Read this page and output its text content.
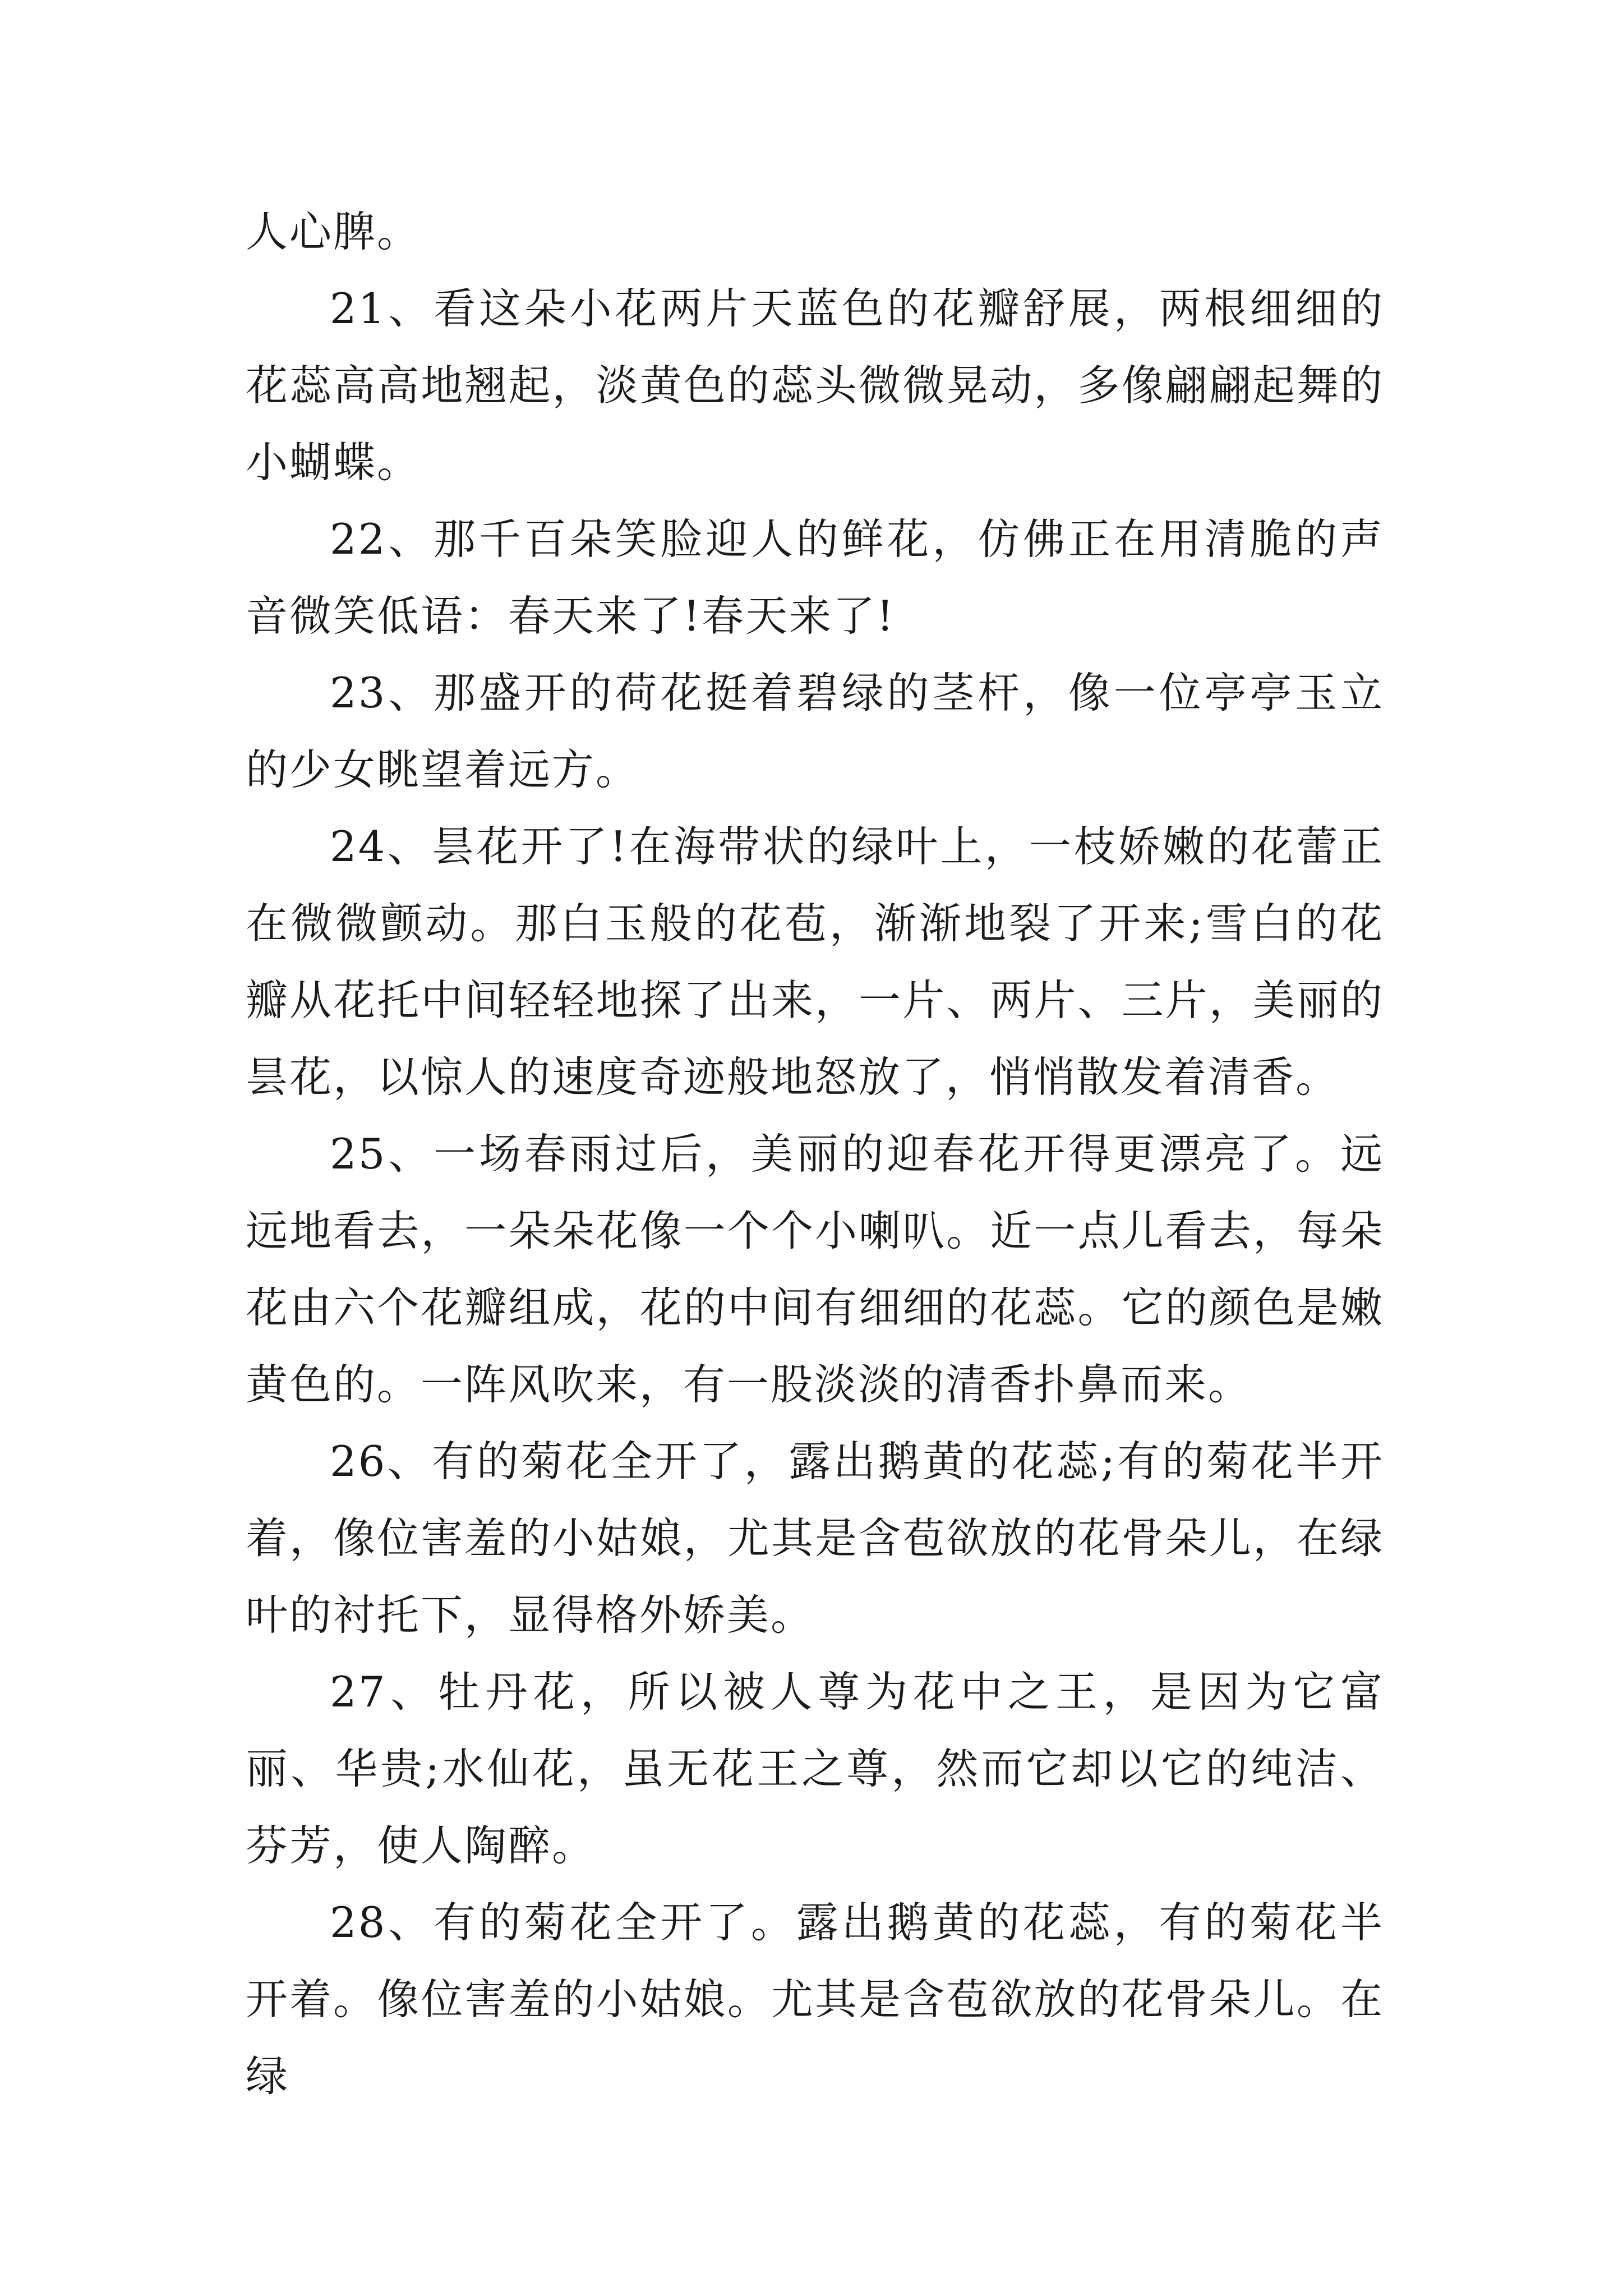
人心脾。

21、看这朵小花两片天蓝色的花瓣舒展，两根细细的花蕊高高地翘起，淡黄色的蕊头微微晃动，多像翩翩起舞的小蝴蝶。

22、那千百朵笑脸迎人的鲜花，仿佛正在用清脆的声音微笑低语：春天来了!春天来了!

23、那盛开的荷花挺着碧绿的茎杆，像一位亭亭玉立的少女眺望着远方。

24、昙花开了!在海带状的绿叶上，一枝娇嫩的花蕾正在微微颤动。那白玉般的花苞，渐渐地裂了开来;雪白的花瓣从花托中间轻轻地探了出来，一片、两片、三片，美丽的昙花，以惊人的速度奇迹般地怒放了，悄悄散发着清香。

25、一场春雨过后，美丽的迎春花开得更漂亮了。远远地看去，一朵朵花像一个个小喇叭。近一点儿看去，每朵花由六个花瓣组成，花的中间有细细的花蕊。它的颜色是嫩黄色的。一阵风吹来，有一股淡淡的清香扑鼻而来。

26、有的菊花全开了，露出鹅黄的花蕊;有的菊花半开着，像位害羞的小姑娘，尤其是含苞欲放的花骨朵儿，在绿叶的衬托下，显得格外娇美。

27、牡丹花，所以被人尊为花中之王，是因为它富丽、华贵;水仙花，虽无花王之尊，然而它却以它的纯洁、芬芳，使人陶醉。

28、有的菊花全开了。露出鹅黄的花蕊，有的菊花半开着。像位害羞的小姑娘。尤其是含苞欲放的花骨朵儿。在绿
